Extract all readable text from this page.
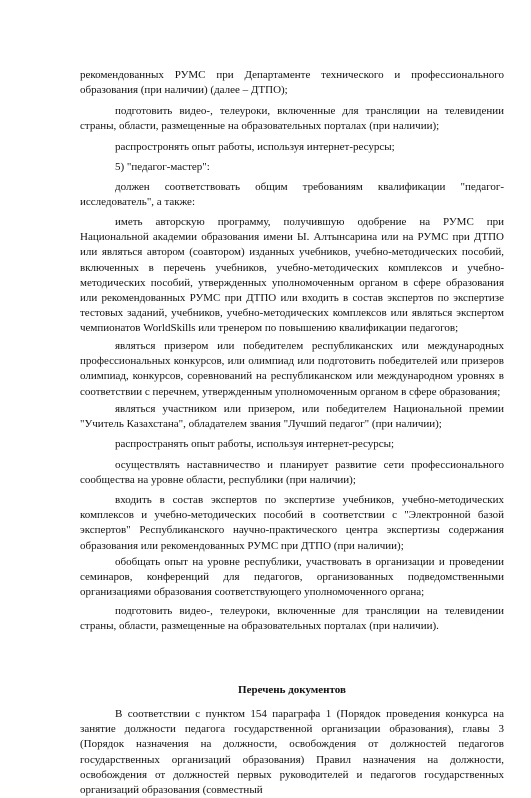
рекомендованных РУМС при Департаменте технического и профессионального образования (при наличии) (далее – ДТПО);

подготовить видео-, телеуроки, включенные для трансляции на телевидении страны, области, размещенные на образовательных порталах (при наличии);

распростронять опыт работы, используя интернет-ресурсы;

5) "педагог-мастер":

должен соответствовать общим требованиям квалификации "педагог-исследователь", а также:

иметь авторскую программу, получившую одобрение на РУМС при Национальной академии образования имени Ы. Алтынсарина или на РУМС при ДТПО или являться автором (соавтором) изданных учебников, учебно-методических пособий, включенных в перечень учебников, учебно-методических комплексов и учебно-методических пособий, утвержденных уполномоченным органом в сфере образования или рекомендованных РУМС при ДТПО или входить в состав экспертов по экспертизе тестовых заданий, учебников, учебно-методических комплексов или являться экспертом чемпионатов WorldSkills или тренером по повышению квалификации педагогов;

являться призером или победителем республиканских или международных профессиональных конкурсов, или олимпиад или подготовить победителей или призеров олимпиад, конкурсов, соревнований на республиканском или международном уровнях в соответствии с перечнем, утвержденным уполномоченным органом в сфере образования;

являться участником или призером, или победителем Национальной премии "Учитель Казахстана", обладателем звания "Лучший педагог" (при наличии);

распространять опыт работы, используя интернет-ресурсы;

осуществлять наставничество и планирует развитие сети профессионального сообщества на уровне области, республики (при наличии);

входить в состав экспертов по экспертизе учебников, учебно-методических комплексов и учебно-методических пособий в соответствии с "Электронной базой экспертов" Республиканского научно-практического центра экспертизы содержания образования или рекомендованных РУМС при ДТПО (при наличии);

обобщать опыт на уровне республики, участвовать в организации и проведении семинаров, конференций для педагогов, организованных подведомственными организациями образования соответствующего уполномоченного органа;

подготовить видео-, телеуроки, включенные для трансляции на телевидении страны, области, размещенные на образовательных порталах (при наличии).

Перечень документов

В соответствии с пунктом 154 параграфа 1 (Порядок проведения конкурса на занятие должности педагога государственной организации образования), главы 3 (Порядок назначения на должности, освобождения от должностей педагогов государственных организаций образования) Правил назначения на должности, освобождения от должностей первых руководителей и педагогов государственных организаций образования (совместный
